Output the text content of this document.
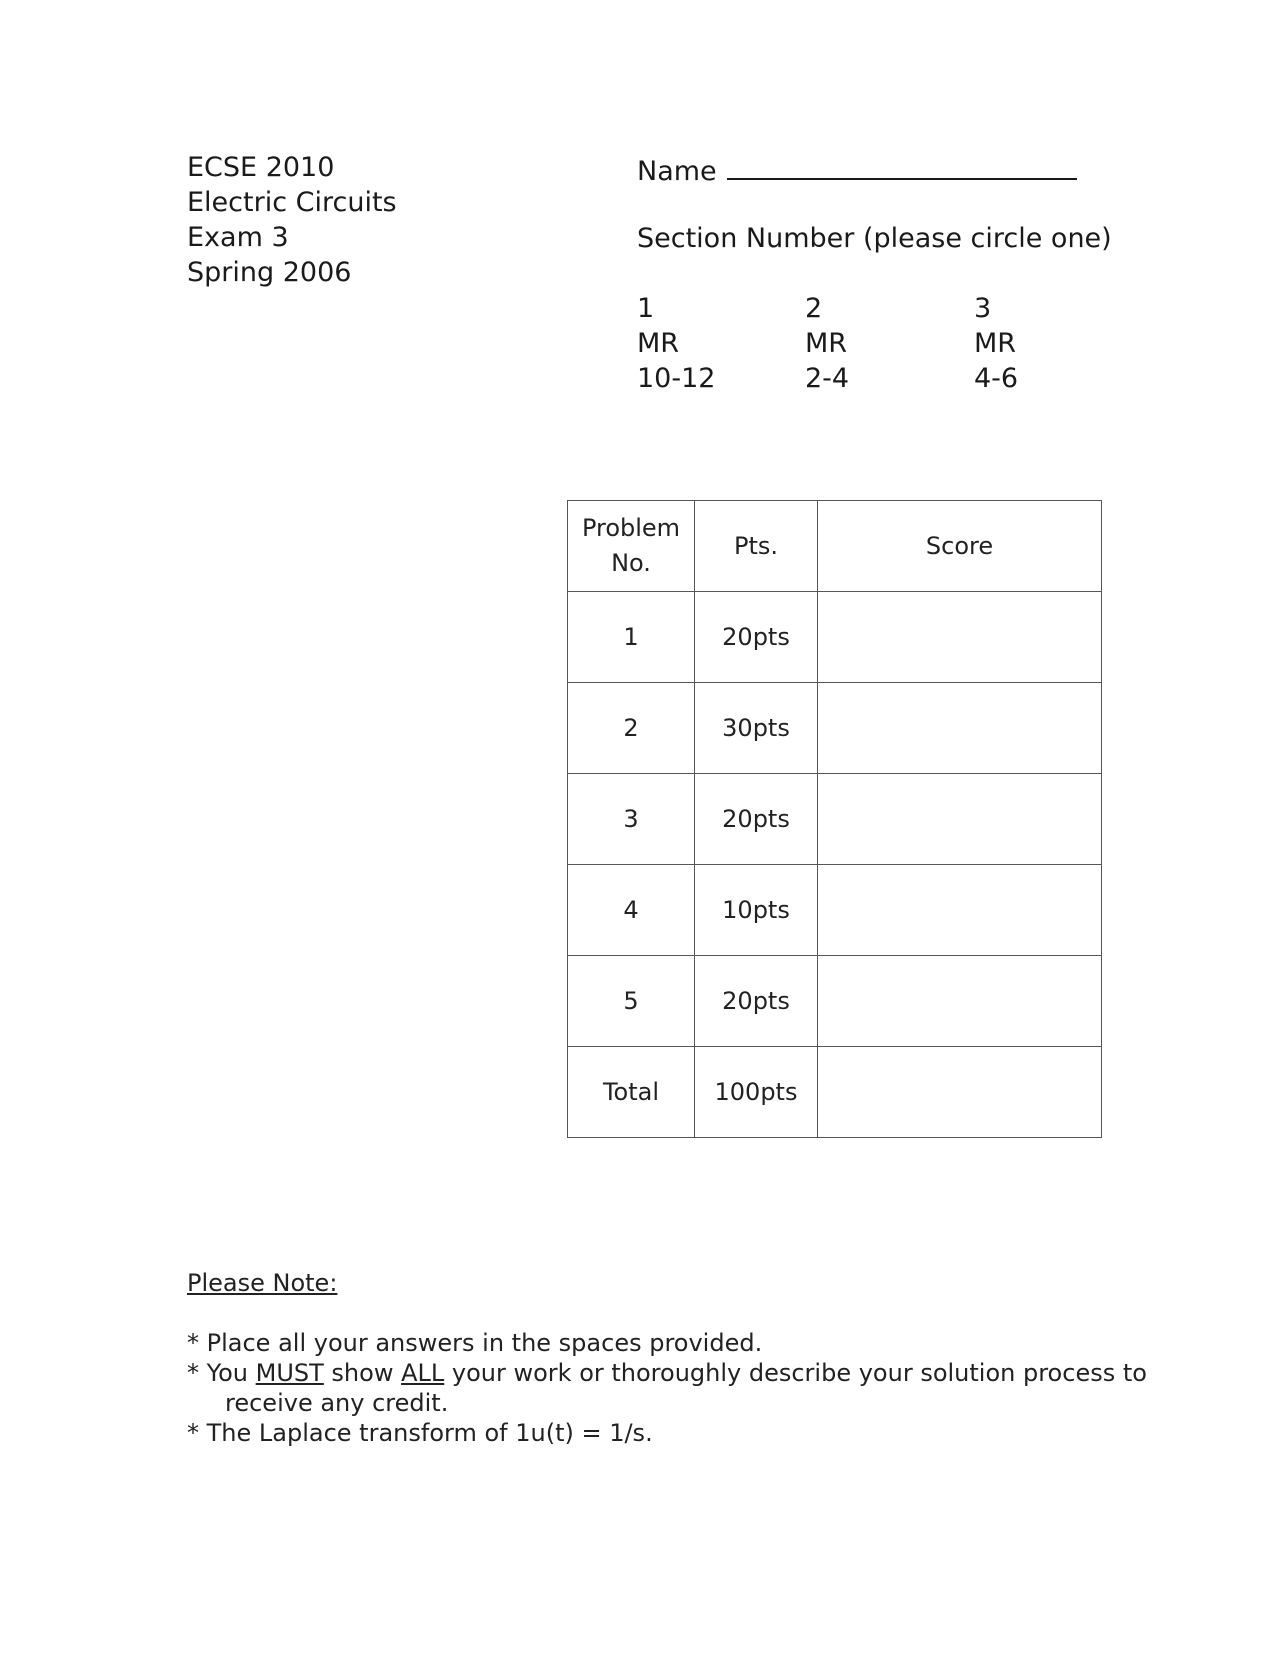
ECSE 2010
Electric Circuits
Exam 3
Spring 2006
Name
Section Number (please circle one)
1
MR
10-12
2
MR
2-4
3
MR
4-6
Problem
No.	Pts.	Score
1	20pts	
2	30pts	
3	20pts	
4	10pts	
5	20pts	
Total	100pts	
Please Note:
* Place all your answers in the spaces provided.
* You MUST show ALL your work or thoroughly describe your solution process to
receive any credit.
* The Laplace transform of 1u(t) = 1/s.
